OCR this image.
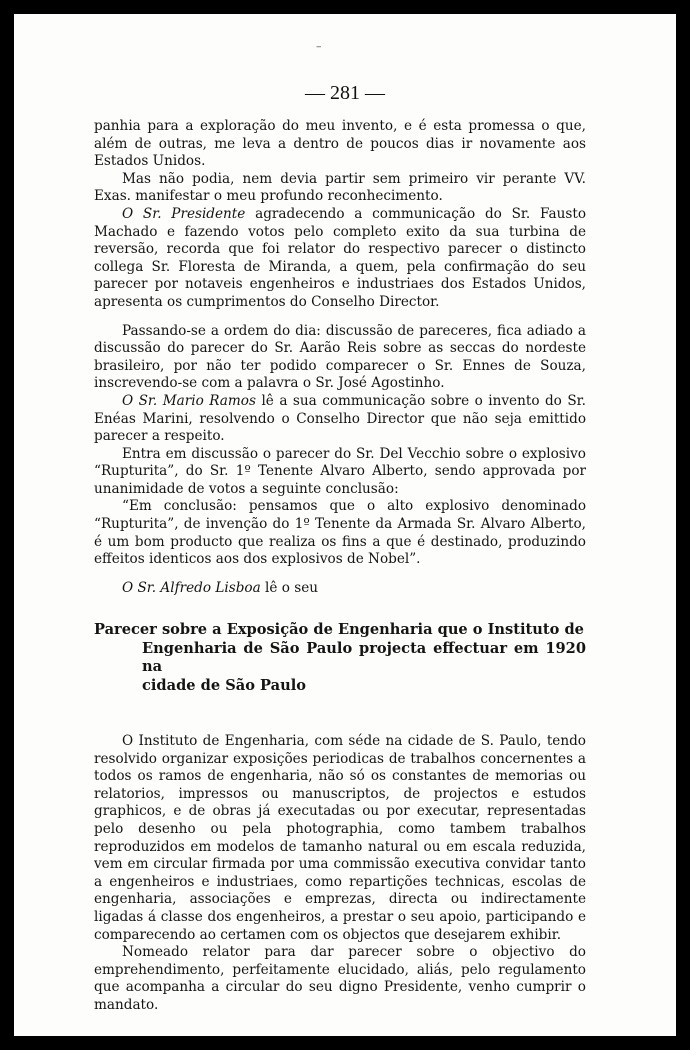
–
— 281 —

panhia para a exploração do meu invento, e é esta promessa o que, além de outras, me leva a dentro de poucos dias ir novamente aos Estados Unidos.

Mas não podia, nem devia partir sem primeiro vir perante VV. Exas. manifestar o meu profundo reconhecimento.

O Sr. Presidente agradecendo a communicação do Sr. Fausto Machado e fazendo votos pelo completo exito da sua turbina de reversão, recorda que foi relator do respectivo parecer o distincto collega Sr. Floresta de Miranda, a quem, pela confirmação do seu parecer por notaveis engenheiros e industriaes dos Estados Unidos, apresenta os cumprimentos do Conselho Director.

Passando-se a ordem do dia: discussão de pareceres, fica adiado a discussão do parecer do Sr. Aarão Reis sobre as seccas do nordeste brasileiro, por não ter podido comparecer o Sr. Ennes de Souza, inscrevendo-se com a palavra o Sr. José Agostinho.

O Sr. Mario Ramos lê a sua communicação sobre o invento do Sr. Enéas Marini, resolvendo o Conselho Director que não seja emittido parecer a respeito.

Entra em discussão o parecer do Sr. Del Vecchio sobre o explosivo “Rupturita”, do Sr. 1º Tenente Alvaro Alberto, sendo approvada por unanimidade de votos a seguinte conclusão:

“Em conclusão: pensamos que o alto explosivo denominado “Rupturita”, de invenção do 1º Tenente da Armada Sr. Alvaro Alberto, é um bom producto que realiza os fins a que é destinado, produzindo effeitos identicos aos dos explosivos de Nobel”.

O Sr. Alfredo Lisboa lê o seu

Parecer sobre a Exposição de Engenharia que o Instituto de
Engenharia de São Paulo projecta effectuar em 1920 na
cidade de São Paulo

O Instituto de Engenharia, com séde na cidade de S. Paulo, tendo resolvido organizar exposições periodicas de trabalhos concernentes a todos os ramos de engenharia, não só os constantes de memorias ou relatorios, impressos ou manuscriptos, de projectos e estudos graphicos, e de obras já executadas ou por executar, representadas pelo desenho ou pela photographia, como tambem trabalhos reproduzidos em modelos de tamanho natural ou em escala reduzida, vem em circular firmada por uma commissão executiva convidar tanto a engenheiros e industriaes, como repartições technicas, escolas de engenharia, associações e emprezas, directa ou indirectamente ligadas á classe dos engenheiros, a prestar o seu apoio, participando e comparecendo ao certamen com os objectos que desejarem exhibir.

Nomeado relator para dar parecer sobre o objectivo do emprehendimento, perfeitamente elucidado, aliás, pelo regulamento que acompanha a circular do seu digno Presidente, venho cumprir o mandato.
